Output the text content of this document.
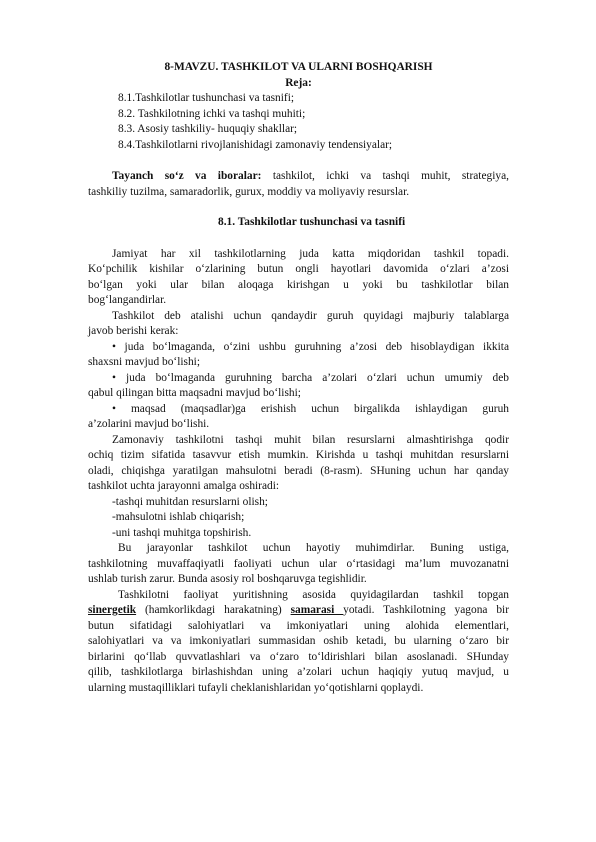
8-MAVZU. TASHKILOT VA ULARNI BOSHQARISH
Reja:
8.1.Tashkilotlar tushunchasi va tasnifi;
8.2. Tashkilotning ichki va tashqi muhiti;
8.3. Asosiy tashkiliy- huquqiy shakllar;
8.4.Tashkilotlarni rivojlanishidagi zamonaviy tendensiyalar;
Tayanch so‘z va iboralar: tashkilot, ichki va tashqi muhit, strategiya,
tashkiliy tuzilma, samaradorlik, gurux, moddiy va moliyaviy resurslar.
8.1. Tashkilotlar tushunchasi va tasnifi
Jamiyat har xil tashkilotlarning juda katta miqdoridan tashkil topadi.
Ko‘pchilik kishilar o‘zlarining butun ongli hayotlari davomida o‘zlari a’zosi
bo‘lgan yoki ular bilan aloqaga kirishgan u yoki bu tashkilotlar bilan
bog‘langandirlar.
Tashkilot deb atalishi uchun qandaydir guruh quyidagi majburiy talablarga
javob berishi kerak:
• juda bo‘lmaganda, o‘zini ushbu guruhning a’zosi deb hisoblaydigan ikkita
shaxsni mavjud bo‘lishi;
• juda bo‘lmaganda guruhning barcha a’zolari o‘zlari uchun umumiy deb
qabul qilingan bitta maqsadni mavjud bo‘lishi;
• maqsad (maqsadlar)ga erishish uchun birgalikda ishlaydigan guruh
a’zolarini mavjud bo‘lishi.
Zamonaviy tashkilotni tashqi muhit bilan resurslarni almashtirishga qodir
ochiq tizim sifatida tasavvur etish mumkin. Kirishda u tashqi muhitdan resurslarni
oladi, chiqishga yaratilgan mahsulotni beradi (8-rasm). SHuning uchun har qanday
tashkilot uchta jarayonni amalga oshiradi:
-tashqi muhitdan resurslarni olish;
-mahsulotni ishlab chiqarish;
-uni tashqi muhitga topshirish.
Bu jarayonlar tashkilot uchun hayotiy muhimdirlar. Buning ustiga,
tashkilotning muvaffaqiyatli faoliyati uchun ular o‘rtasidagi ma’lum muvozanatni
ushlab turish zarur. Bunda asosiy rol boshqaruvga tegishlidir.
Tashkilotni faoliyat yuritishning asosida quyidagilardan tashkil topgan
sinergetik (hamkorlikdagi harakatning) samarasi yotadi. Tashkilotning yagona bir
butun sifatidagi salohiyatlari va imkoniyatlari uning alohida elementlari,
salohiyatlari va va imkoniyatlari summasidan oshib ketadi, bu ularning o‘zaro bir
birlarini qo‘llab quvvatlashlari va o‘zaro to‘ldirishlari bilan asoslanadi. SHunday
qilib, tashkilotlarga birlashishdan uning a’zolari uchun haqiqiy yutuq mavjud, u
ularning mustaqilliklari tufayli cheklanishlaridan yo‘qotishlarni qoplaydi.
